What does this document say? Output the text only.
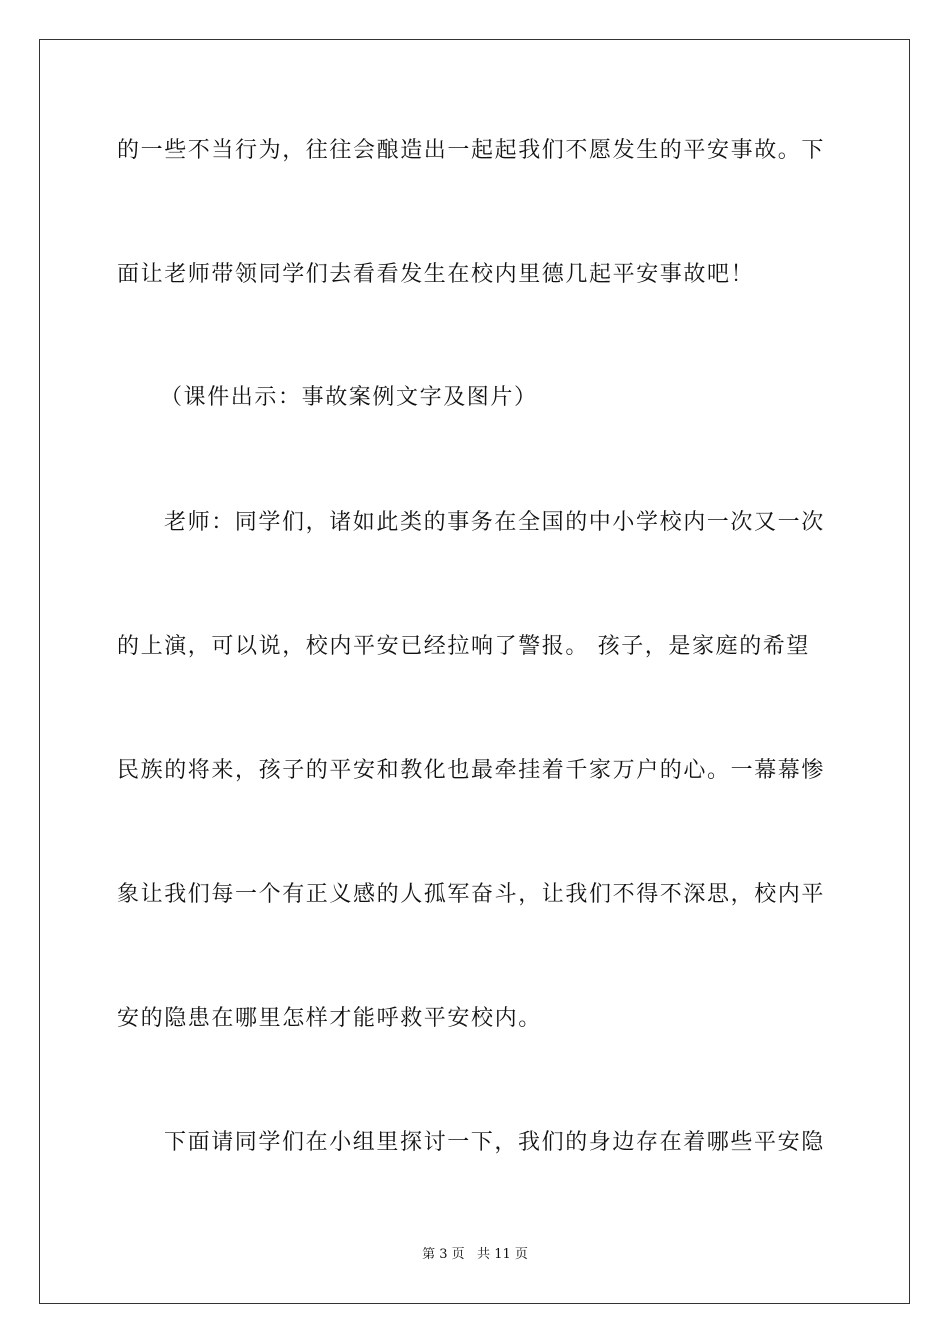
的一些不当行为，往往会酿造出一起起我们不愿发生的平安事故。下
面让老师带领同学们去看看发生在校内里德几起平安事故吧！
（课件出示：事故案例文字及图片）
老师：同学们，诸如此类的事务在全国的中小学校内一次又一次
的上演，可以说，校内平安已经拉响了警报。 孩子，是家庭的希望
民族的将来，孩子的平安和教化也最牵挂着千家万户的心。一幕幕惨
象让我们每一个有正义感的人孤军奋斗，让我们不得不深思，校内平
安的隐患在哪里怎样才能呼救平安校内。
下面请同学们在小组里探讨一下，我们的身边存在着哪些平安隐
第 3 页   共 11 页
